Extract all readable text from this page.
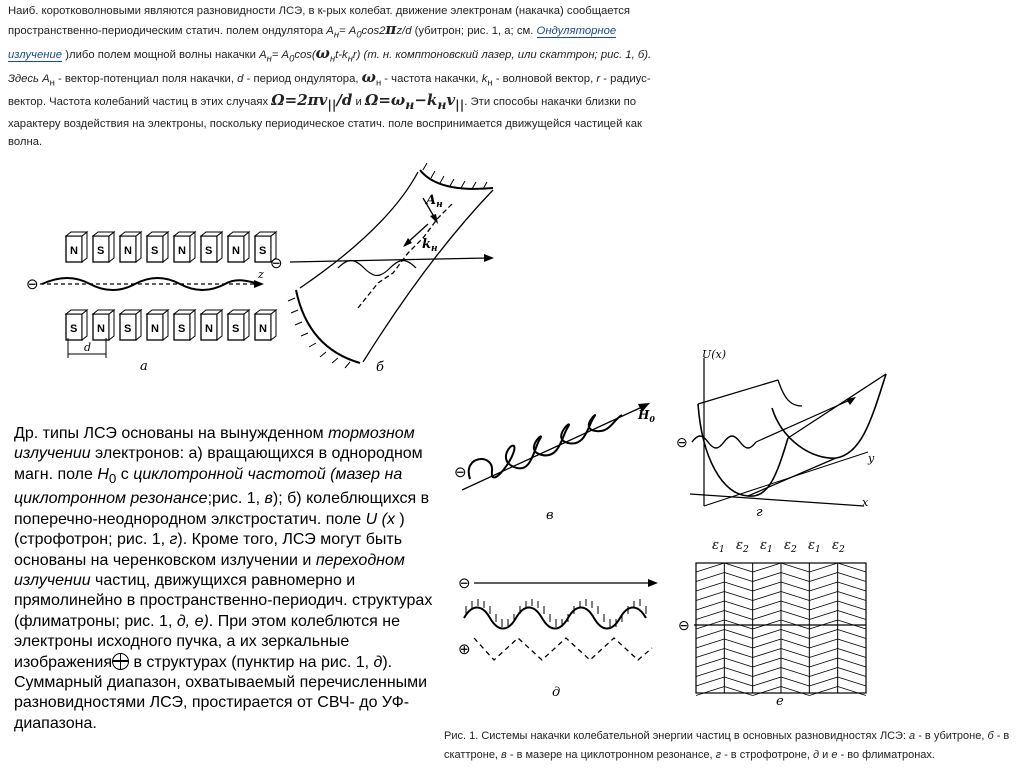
Наиб. коротковолновыми являются разновидности ЛСЭ, в к-рых колебат. движение электронам (накачка) сообщается пространственно-периодическим статич. полем ондулятора $A_н= A_0\cos 2\pi z/d$ (убитрон; рис. 1, а; см. Ондуляторное излучение )либо полем мощной волны накачки $A_н= A_0\cos(\omega_нt-k_нr)$ (т. н. комптоновский лазер, или скаттрон; рис. 1, б). Здесь $A_н$ - вектор-потенциал поля накачки, d - период ондулятора, $\omega_н$ - частота накачки, $k_н$ - волновой вектор, r - радиус-вектор. Частота колебаний частиц в этих случаях $\Omega=2\pi v_{||}/d$ и $\Omega=\omega_н-k_нv_{||}$. Эти способы накачки близки по характеру воздействия на электроны, поскольку периодическое статич. поле воспринимается движущейся частицей как волна.
N S N S N S N S
S N S N S N S N
⊖
z
d
а
⊖
$A_н$
$k_н$
б
⊖
$H_0$
в
U(x)
x
y
⊖
г
⊖
⊕
д
$\varepsilon_1$ $\varepsilon_2$ $\varepsilon_1$ $\varepsilon_2$ $\varepsilon_1$ $\varepsilon_2$
⊖
е
Др. типы ЛСЭ основаны на вынужденном тормозном излучении электронов: а) вращающихся в однородном магн. поле $H_0$ с циклотронной частотой (мазер на циклотронном резонансе;рис. 1, в); б) колеблющихся в поперечно-неоднородном элкстростатич. поле U (x )(строфотрон; рис. 1, г). Кроме того, ЛСЭ могут быть основаны на черенковском излучении и переходном излучении частиц, движущихся равномерно и прямолинейно в пространственно-периодич. структурах (флиматроны; рис. 1, д, е). При этом колеблются не электроны исходного пучка, а их зеркальные изображения в структурах (пунктир на рис. 1, д). Суммарный диапазон, охватываемый перечисленными разновидностями ЛСЭ, простирается от СВЧ- до УФ-диапазона.
Рис. 1. Системы накачки колебательной энергии частиц в основных разновидностях ЛСЭ: а - в убитроне, б - в скаттроне, в - в мазере на циклотронном резонансе, г - в строфотроне, д и е - во флиматронах.
